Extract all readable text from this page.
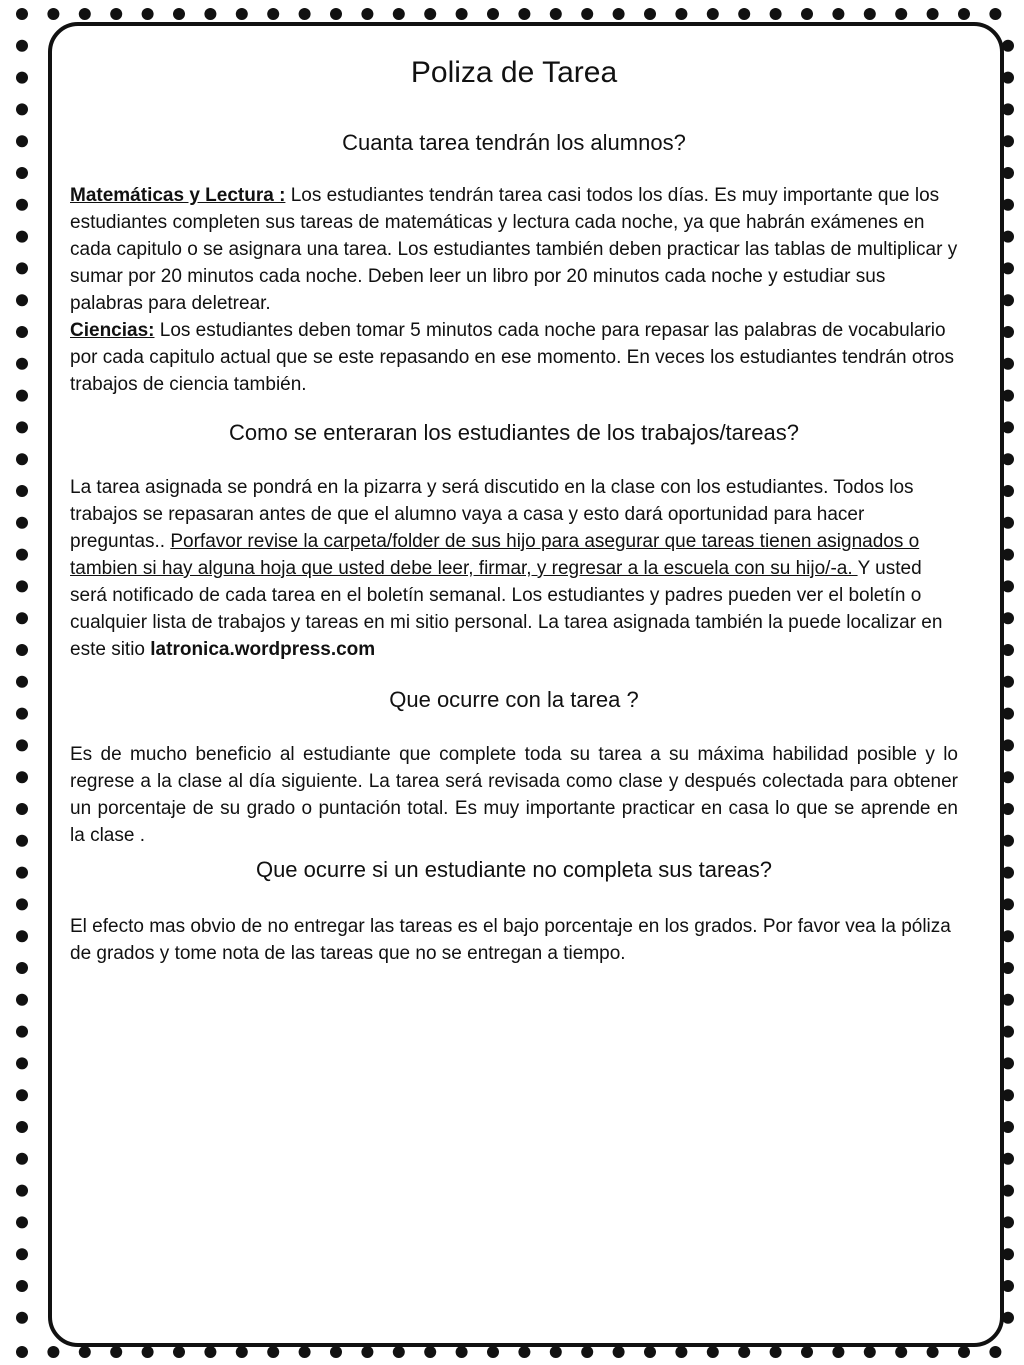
Poliza de Tarea
Cuanta tarea tendrán los alumnos?

Matemáticas y Lectura : Los estudiantes tendrán tarea casi todos los días. Es muy importante que los estudiantes completen sus tareas de matemáticas y lectura cada noche, ya que habrán exámenes en cada capitulo o se asignara una tarea. Los estudiantes también deben practicar las tablas de multiplicar y sumar por 20 minutos cada noche. Deben leer un libro por 20 minutos cada noche y estudiar sus palabras para deletrear.

Ciencias: Los estudiantes deben tomar 5 minutos cada noche para repasar las palabras de vocabulario por cada capitulo actual que se este repasando en ese momento. En veces los estudiantes tendrán otros trabajos de ciencia también.

Como se enteraran los estudiantes de los trabajos/tareas?

La tarea asignada se pondrá en la pizarra y será discutido en la clase con los estudiantes. Todos los trabajos se repasaran antes de que el alumno vaya a casa y esto dará oportunidad para hacer preguntas.. Porfavor revise la carpeta/folder de sus hijo para asegurar que tareas tienen asignados o tambien si hay alguna hoja que usted debe leer, firmar, y regresar a la escuela con su hijo/-a. Y usted será notificado de cada tarea en el boletín semanal. Los estudiantes y padres pueden ver el boletín o cualquier lista de trabajos y tareas en mi sitio personal. La tarea asignada también la puede localizar en este sitio latronica.wordpress.com

Que ocurre con la tarea ?

Es de mucho beneficio al estudiante que complete toda su tarea a su máxima habilidad posible y lo regrese a la clase al día siguiente. La tarea será revisada como clase y después colectada para obtener un porcentaje de su grado o puntación total. Es muy importante practicar en casa lo que se aprende en la clase .

Que ocurre si un estudiante no completa sus tareas?

El efecto mas obvio de no entregar las tareas es el bajo porcentaje en los grados. Por favor vea la póliza de grados y tome nota de las tareas que no se entregan a tiempo.
